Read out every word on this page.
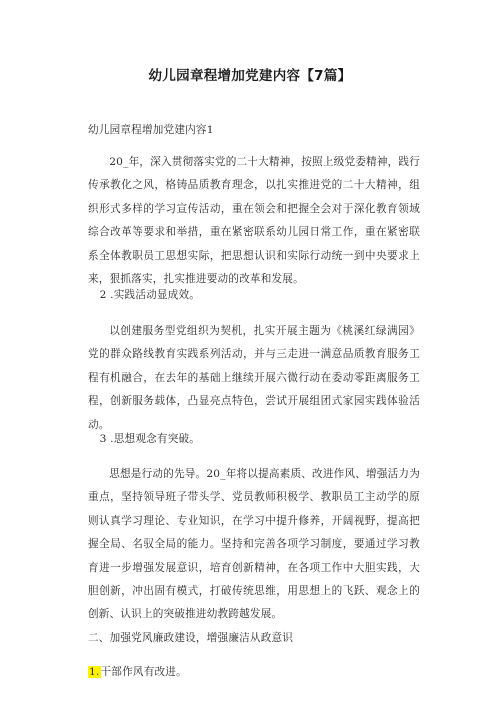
幼儿园章程增加党建内容【7篇】

幼儿园章程增加党建内容1

20_年，深入贯彻落实党的二十大精神，按照上级党委精神，践行传承教化之风，格铸品质教育理念，以扎实推进党的二十大精神，组织形式多样的学习宣传活动，重在领会和把握全会对于深化教育领域综合改革等要求和举措，重在紧密联系幼儿园日常工作，重在紧密联系全体教职员工思想实际，把思想认识和实际行动统一到中央要求上来，狠抓落实，扎实推进要动的改革和发展。

2 .实践活动显成效。

以创建服务型党组织为契机，扎实开展主题为《桃溪红绿满园》党的群众路线教育实践系列活动，并与三走进一满意品质教育服务工程有机融合，在去年的基础上继续开展六微行动在委动零距离服务工程，创新服务载体，凸显亮点特色，尝试开展组团式家园实践体验活动。

3 .思想观念有突破。

思想是行动的先导。20_年将以提高素质、改进作风、增强活力为重点，坚持领导班子带头学、党员教师积极学、教职员工主动学的原则认真学习理论、专业知识，在学习中提升修养，开阔视野，提高把握全局、名驭全局的能力。坚持和完善各项学习制度，要通过学习教育进一步增强发展意识，培育创新精神，在各项工作中大胆实践，大胆创新，冲出固有模式，打破传统思维，用思想上的飞跃、观念上的创新、认识上的突破推进幼教跨越发展。

二、加强党风廉政建设，增强廉洁从政意识

1.干部作风有改进。
